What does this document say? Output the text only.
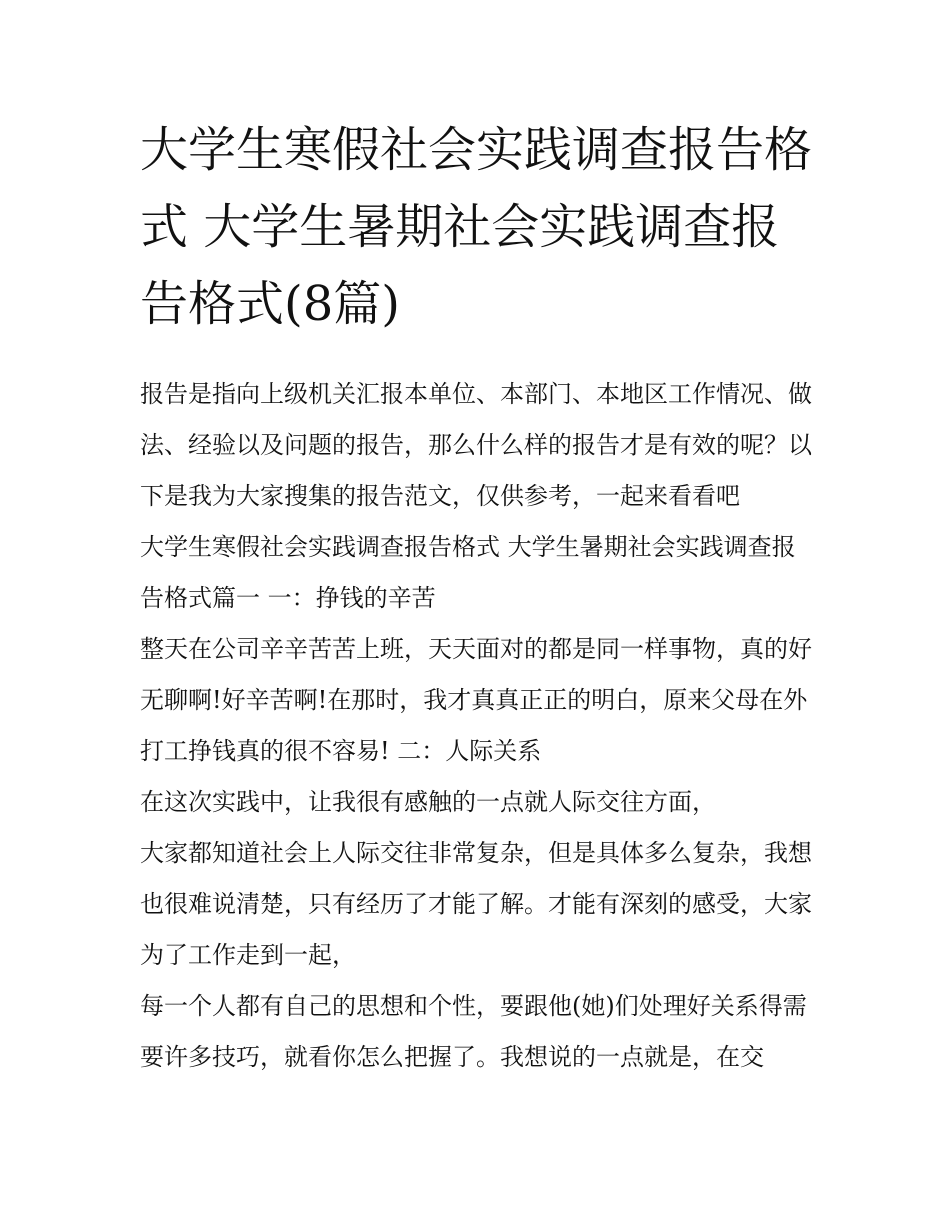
大学生寒假社会实践调查报告格式 大学生暑期社会实践调查报告格式(8篇)

报告是指向上级机关汇报本单位、本部门、本地区工作情况、做法、经验以及问题的报告，那么什么样的报告才是有效的呢？以下是我为大家搜集的报告范文，仅供参考，一起来看看吧

大学生寒假社会实践调查报告格式 大学生暑期社会实践调查报告格式篇一 一：挣钱的辛苦

整天在公司辛辛苦苦上班，天天面对的都是同一样事物，真的好无聊啊!好辛苦啊!在那时，我才真真正正的明白，原来父母在外打工挣钱真的很不容易! 二：人际关系

在这次实践中，让我很有感触的一点就人际交往方面，

大家都知道社会上人际交往非常复杂，但是具体多么复杂，我想也很难说清楚，只有经历了才能了解。才能有深刻的感受，大家为了工作走到一起，

每一个人都有自己的思想和个性，要跟他(她)们处理好关系得需要许多技巧，就看你怎么把握了。我想说的一点就是，在交
